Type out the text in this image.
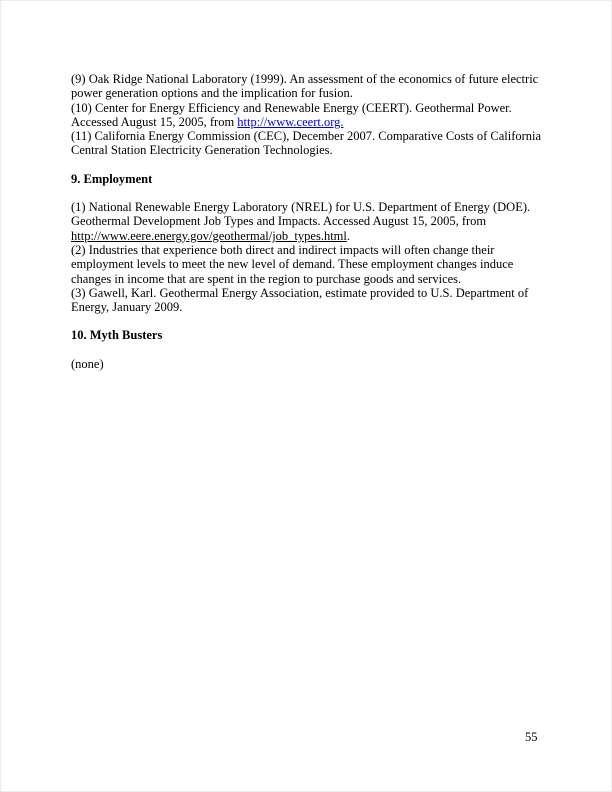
(9) Oak Ridge National Laboratory (1999). An assessment of the economics of future electric power generation options and the implication for fusion.

(10) Center for Energy Efficiency and Renewable Energy (CEERT). Geothermal Power. Accessed August 15, 2005, from http://www.ceert.org.

(11) California Energy Commission (CEC), December 2007. Comparative Costs of California Central Station Electricity Generation Technologies.

9. Employment

(1) National Renewable Energy Laboratory (NREL) for U.S. Department of Energy (DOE). Geothermal Development Job Types and Impacts. Accessed August 15, 2005, from http://www.eere.energy.gov/geothermal/job_types.html.

(2) Industries that experience both direct and indirect impacts will often change their employment levels to meet the new level of demand. These employment changes induce changes in income that are spent in the region to purchase goods and services.

(3) Gawell, Karl. Geothermal Energy Association, estimate provided to U.S. Department of Energy, January 2009.

10. Myth Busters

(none)

55
